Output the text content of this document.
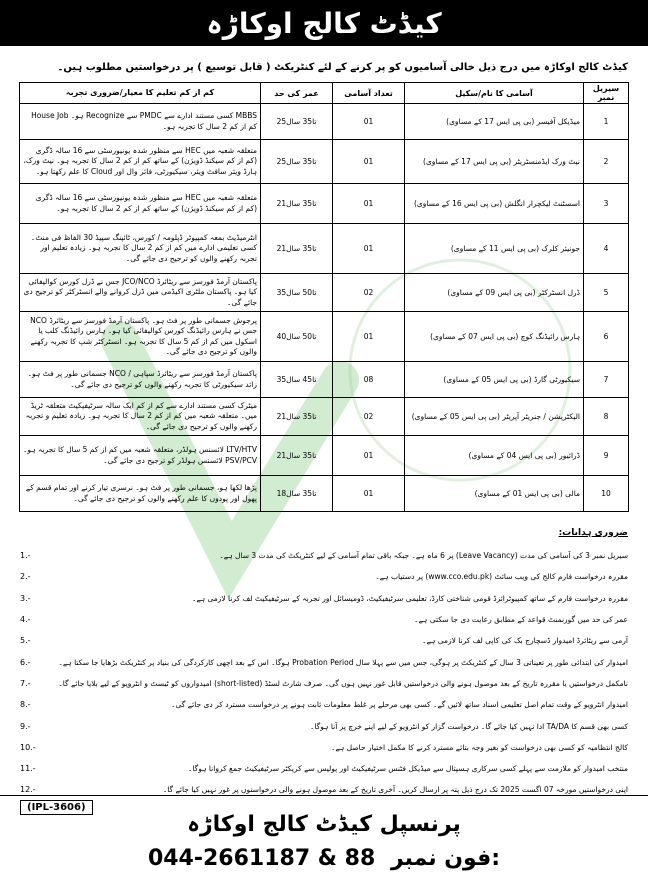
کیڈٹ کالج اوکاڑہ
کیڈٹ کالج اوکاڑہ میں درج ذیل خالی آسامیوں کو پر کرنے کے لئے کنٹریکٹ ( قابل توسیع ) پر درخواستیں مطلوب ہیں۔
کم از کم تعلیم کا معیار/ضروری تجربہ	عمر کی حد	تعداد آسامی	آسامی کا نام/سکیل	سیریل نمبر
MBBS کسی مستند ادارے سے PMDC سے Recognize ہو۔ House Job کم از کم 2 سال کا تجربہ ہو۔	25تا35 سال	01	میڈیکل آفیسر (بی پی ایس 17 کے مساوی)	1
متعلقہ شعبہ میں HEC سے منظور شدہ یونیورسٹی سے 16 سالہ ڈگری (کم از کم سیکنڈ ڈویژن) کے ساتھ کم از کم 2 سال کا تجربہ ہو۔ نیٹ ورک، ہارڈ ویئر سافٹ ویئر، سیکیورٹی، فائر وال اور Cloud کا علم رکھتا ہو۔	25تا35 سال	01	نیٹ ورک ایڈمنسٹریٹر (بی پی ایس 17 کے مساوی)	2
متعلقہ شعبہ میں HEC سے منظور شدہ یونیورسٹی سے 16 سالہ ڈگری (کم از کم سیکنڈ ڈویژن) کے ساتھ کم از کم 2 سال کا تجربہ ہو۔	21تا35 سال	01	اسسٹنٹ لیکچرار انگلش (بی پی ایس 16 کے مساوی)	3
انٹرمیڈیٹ بمعہ کمپیوٹر ڈپلومہ / کورس، ٹائپنگ سپیڈ 30 الفاظ فی منٹ۔ کسی تعلیمی ادارے میں کم از کم 2 سال کا تجربہ ہو۔ زیادہ تعلیم اور تجربہ رکھنے والوں کو ترجیح دی جائے گی۔	21تا35 سال	01	جونیئر کلرک (بی پی ایس 11 کے مساوی)	4
پاکستان آرمڈ فورسز سے ریٹائرڈ JCO/NCO جس نے ڈرل کورس کوالیفائی کیا ہو۔ پاکستان ملٹری اکیڈمی میں ڈرل کروانے والے انسٹرکٹر کو ترجیح دی جائے گی۔	35تا50 سال	02	ڈرل انسٹرکٹر (بی پی ایس 09 کے مساوی)	5
پرجوش جسمانی طور پر فٹ ہو۔ پاکستان آرمڈ فورسز سے ریٹائرڈ NCO جس نے ہارس رائیڈنگ کورس کوالیفائی کیا ہو۔ ہارس رائیڈنگ کلب یا اسکول میں کم از کم 5 سال کا تجربہ ہو۔ انسٹرکٹر شپ کا تجربہ رکھنے والوں کو ترجیح دی جائے گی۔	40تا50 سال	01	ہارس رائیڈنگ کوچ (بی پی ایس 07 کے مساوی)	6
پاکستان آرمڈ فورسز سے ریٹائرڈ سپاہی / NCO جسمانی طور پر فٹ ہو۔ زائد سیکیورٹی کا تجربہ رکھنے والوں کو ترجیح دی جائے گی۔	35تا45 سال	08	سیکیورٹی گارڈ (بی پی ایس 05 کے مساوی)	7
میٹرک کسی مستند ادارے سے کم از کم ایک سالہ سرٹیفیکیٹ متعلقہ ٹریڈ میں۔ متعلقہ شعبہ میں کم از کم 2 سال کا تجربہ ہو۔ زیادہ تعلیم و تجربہ رکھنے والوں کو ترجیح دی جائے گی۔	21تا35 سال	02	الیکٹریشن / جنریٹر آپریٹر (بی پی ایس 05 کے مساوی)	8
LTV/HTV لائسنس ہولڈر، متعلقہ شعبہ میں کم از کم 5 سال کا تجربہ ہو۔ PSV/PCV لائسنس ہولڈر کو ترجیح دی جائے گی۔	21تا35 سال	01	ڈرائیور (بی پی ایس 04 کے مساوی)	9
پڑھا لکھا ہو، جسمانی طور پر فٹ ہو۔ نرسری تیار کرنے اور تمام قسم کے پھول اور پودوں کا علم رکھنے والوں کو ترجیح دی جائے گی۔	18تا35 سال	01	مالی (بی پی ایس 01 کے مساوی)	10
ضروری ہدایات:
سیریل نمبر 3 کی آسامی کی مدت (Leave Vacancy) پر 6 ماہ ہے۔ جبکہ باقی تمام آسامی کے لیے کنٹریکٹ کی مدت 3 سال ہے۔
1.-
مقررہ درخواست فارم کالج کی ویب سائٹ (www.cco.edu.pk) پر دستیاب ہے۔
2.-
مقررہ درخواست فارم کے ساتھ کمپیوٹرائزڈ قومی شناختی کارڈ، تعلیمی سرٹیفیکیٹ، ڈومیسائل اور تجربہ کے سرٹیفیکیٹ لف کرنا لازمی ہے۔
3.-
عمر کی حد میں گورنمنٹ قواعد کے مطابق رعایت دی جا سکتی ہے۔
4.-
آرمی سے ریٹائرڈ امیدوار ڈسچارج بک کی کاپی لف کرنا لازمی ہے۔
5.-
امیدوار کی ابتدائی طور پر تعیناتی 3 سال کے کنٹریکٹ پر ہوگی، جس میں سے پہلا سال Probation Period ہوگا۔ اس کے بعد اچھی کارکردگی کی بنیاد پر کنٹریکٹ بڑھایا جا سکتا ہے۔
6.-
نامکمل درخواستیں یا مقررہ تاریخ کے بعد موصول ہونے والی درخواستیں قابل غور نہیں ہوں گی۔ صرف شارٹ لسٹڈ (short-listed) امیدواروں کو ٹیسٹ و انٹرویو کے لیے بلایا جائے گا۔
7.-
امیدوار انٹرویو کے وقت تمام اصل تعلیمی اسناد ساتھ لائیں گے۔ کسی بھی مرحلے پر غلط معلومات ثابت ہونے پر درخواست مسترد کر دی جائے گی۔
8.-
کسی بھی قسم کا TA/DA ادا نہیں کیا جائے گا۔ درخواست گزار کو انٹرویو کے لیے اپنے خرچ پر آنا ہوگا۔
9.-
کالج انتظامیہ کو کسی بھی درخواست کو بغیر وجہ بتائے مسترد کرنے کا مکمل اختیار حاصل ہے۔
10.-
منتخب امیدوار کو ملازمت سے پہلے کسی سرکاری ہسپتال سے میڈیکل فٹنس سرٹیفیکیٹ اور پولیس سے کریکٹر سرٹیفیکیٹ جمع کروانا ہوگا۔
11.-
اپنی درخواستیں مورخہ 07 اگست 2025 تک درج ذیل پتہ پر ارسال کریں۔ آخری تاریخ کے بعد موصول ہونے والی درخواستوں پر غور نہیں کیا جائے گا۔
12.-
(IPL-3606)
پرنسپل کیڈٹ کالج اوکاڑہ
044-2661187 & 88 فون نمبر:
